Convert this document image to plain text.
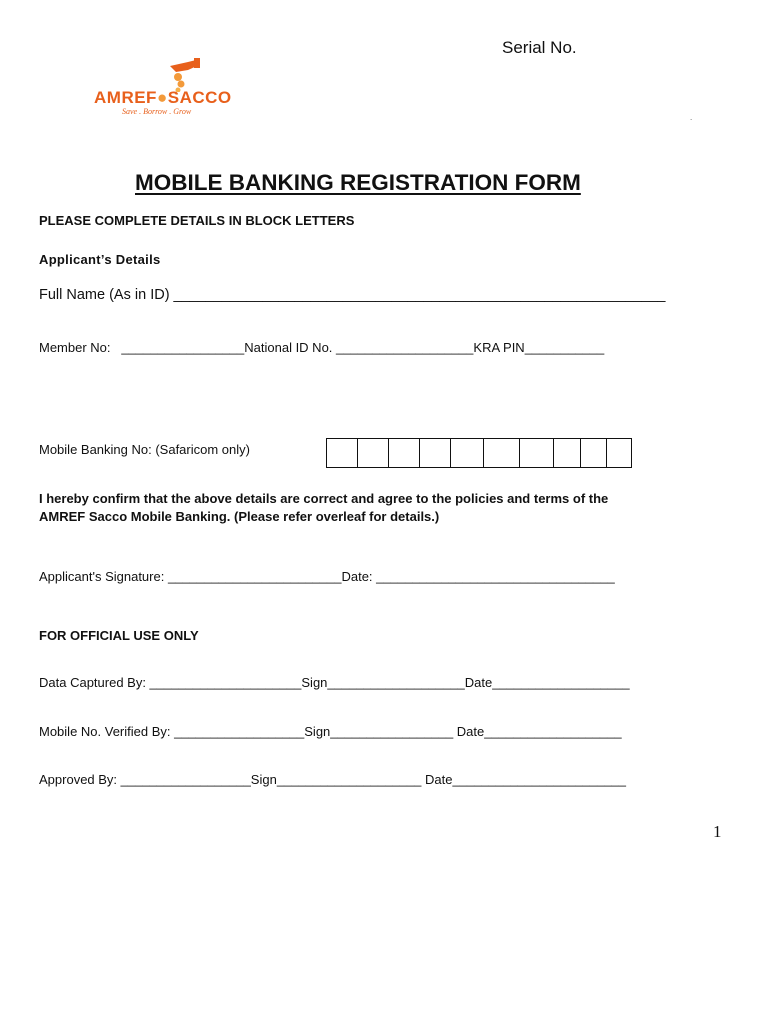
Serial No.

AMREF●SACCO

Save . Borrow . Grow

.
MOBILE BANKING REGISTRATION FORM
PLEASE COMPLETE DETAILS IN BLOCK LETTERS
Applicant’s Details
Full Name (As in ID) _____________________________________________________________
Member No:   _________________National ID No. ___________________KRA PIN___________
Mobile Banking No: (Safaricom only)
I hereby confirm that the above details are correct and agree to the policies and terms of the
AMREF Sacco Mobile Banking. (Please refer overleaf for details.)
Applicant's Signature: ________________________Date: _________________________________
FOR OFFICIAL USE ONLY
Data Captured By: _____________________Sign___________________Date___________________
Mobile No. Verified By: __________________Sign_________________ Date___________________
Approved By: __________________Sign____________________ Date________________________
1
